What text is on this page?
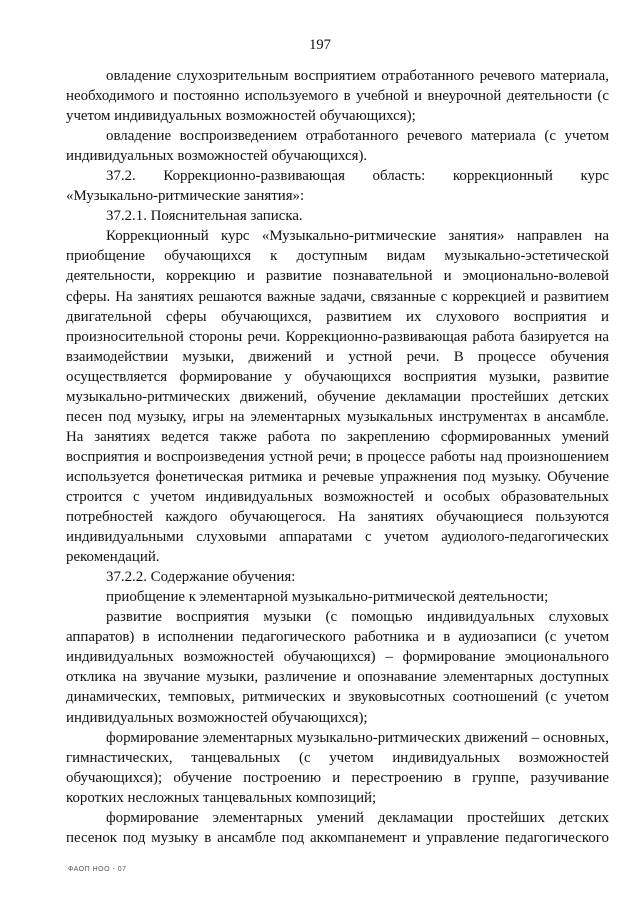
197

овладение слухозрительным восприятием отработанного речевого материала, необходимого и постоянно используемого в учебной и внеурочной деятельности (с учетом индивидуальных возможностей обучающихся);

овладение воспроизведением отработанного речевого материала (с учетом индивидуальных возможностей обучающихся).

37.2. Коррекционно-развивающая область: коррекционный курс

«Музыкально-ритмические занятия»:

37.2.1. Пояснительная записка.

Коррекционный курс «Музыкально-ритмические занятия» направлен на приобщение обучающихся к доступным видам музыкально-эстетической деятельности, коррекцию и развитие познавательной и эмоционально-волевой сферы. На занятиях решаются важные задачи, связанные с коррекцией и развитием двигательной сферы обучающихся, развитием их слухового восприятия и произносительной стороны речи. Коррекционно-развивающая работа базируется на взаимодействии музыки, движений и устной речи. В процессе обучения осуществляется формирование у обучающихся восприятия музыки, развитие музыкально-ритмических движений, обучение декламации простейших детских песен под музыку, игры на элементарных музыкальных инструментах в ансамбле. На занятиях ведется также работа по закреплению сформированных умений восприятия и воспроизведения устной речи; в процессе работы над произношением используется фонетическая ритмика и речевые упражнения под музыку. Обучение строится с учетом индивидуальных возможностей и особых образовательных потребностей каждого обучающегося. На занятиях обучающиеся пользуются индивидуальными слуховыми аппаратами с учетом аудиолого-педагогических рекомендаций.

37.2.2. Содержание обучения:

приобщение к элементарной музыкально-ритмической деятельности;

развитие восприятия музыки (с помощью индивидуальных слуховых аппаратов) в исполнении педагогического работника и в аудиозаписи (с учетом индивидуальных возможностей обучающихся) – формирование эмоционального отклика на звучание музыки, различение и опознавание элементарных доступных динамических, темповых, ритмических и звуковысотных соотношений (с учетом индивидуальных возможностей обучающихся);

формирование элементарных музыкально-ритмических движений – основных, гимнастических, танцевальных (с учетом индивидуальных возможностей обучающихся); обучение построению и перестроению в группе, разучивание коротких несложных танцевальных композиций;

формирование элементарных умений декламации простейших детских песенок под музыку в ансамбле под аккомпанемент и управление педагогического

ФАОП НОО - 07
